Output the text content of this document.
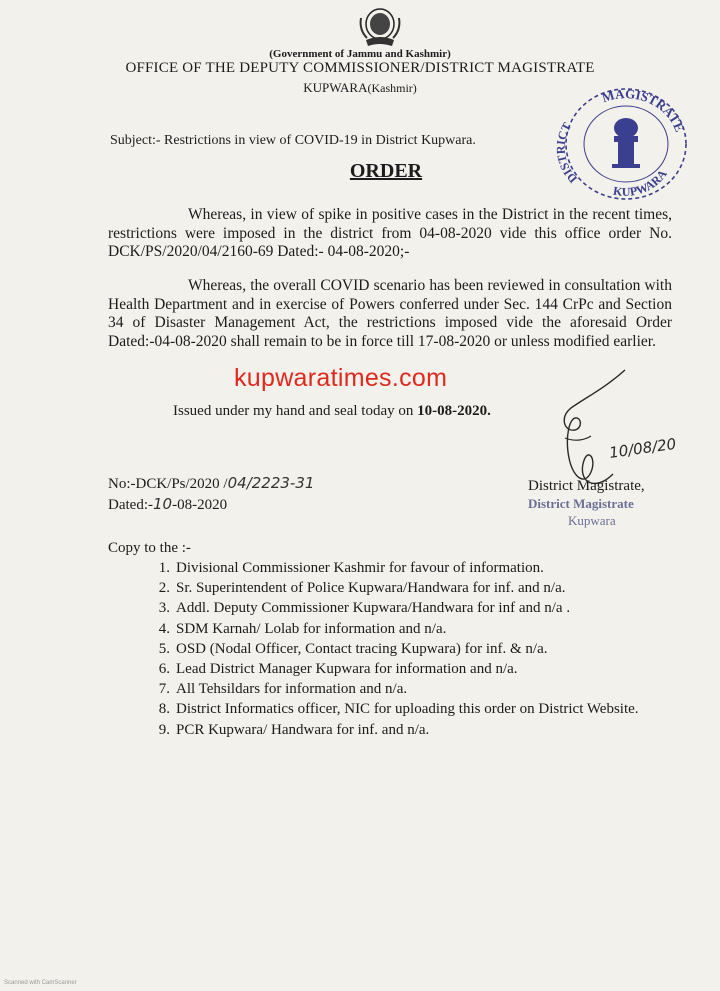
(Government of Jammu and Kashmir)
OFFICE OF THE DEPUTY COMMISSIONER/DISTRICT MAGISTRATE
KUPWARA(Kashmir)	MAGISTRATE
DISTRICT
KUPWARA
Subject:- Restrictions in view of COVID-19 in District Kupwara.
ORDER
Whereas, in view of spike in positive cases in the District in the recent times, restrictions were imposed in the district from 04-08-2020 vide this office order No. DCK/PS/2020/04/2160-69 Dated:- 04-08-2020;-
Whereas, the overall COVID scenario has been reviewed in consultation with Health Department and in exercise of Powers conferred under Sec. 144 CrPc and Section 34 of Disaster Management Act, the restrictions imposed vide the aforesaid Order Dated:-04-08-2020 shall remain to be in force till 17-08-2020 or unless modified earlier.
kupwaratimes.com
Issued under my hand and seal today on 10-08-2020.
10/08/20
District Magistrate,
District Magistrate
Kupwara
No:-DCK/Ps/2020 /04/2223-31
Dated:-10-08-2020
Copy to the :-
1. Divisional Commissioner Kashmir for favour of information.
2. Sr. Superintendent of Police Kupwara/Handwara for inf. and n/a.
3. Addl. Deputy Commissioner Kupwara/Handwara for inf and n/a .
4. SDM Karnah/ Lolab for information and n/a.
5. OSD (Nodal Officer, Contact tracing Kupwara) for inf. & n/a.
6. Lead District Manager Kupwara for information and n/a.
7. All Tehsildars for information and n/a.
8. District Informatics officer, NIC for uploading this order on District Website.
9. PCR Kupwara/ Handwara for inf. and n/a.
Scanned with CamScanner
